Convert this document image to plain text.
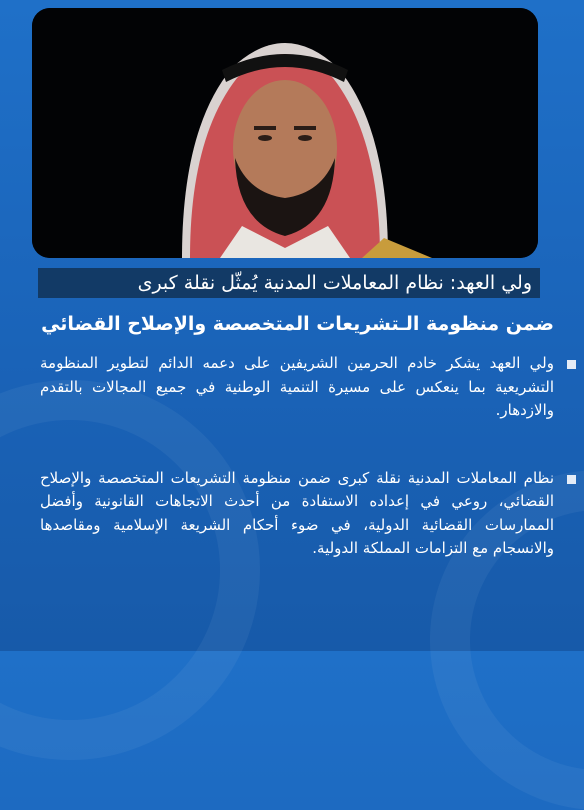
ولي العهد: نظام المعاملات المدنية يُمثّل نقلة كبرى
ضمن منظومة الـتشريعات المتخصصة والإصلاح القضائي
ولي العهد يشكر خادم الحرمين الشريفين على دعمه الدائم لتطوير المنظومة التشريعية بما ينعكس على مسيرة التنمية الوطنية في جميع المجالات بالتقدم والازدهار.
نظام المعاملات المدنية نقلة كبرى ضمن منظومة التشريعات المتخصصة والإصلاح القضائي، روعي في إعداده الاستفادة من أحدث الاتجاهات القانونية وأفضل الممارسات القضائية الدولية، في ضوء أحكام الشريعة الإسلامية ومقاصدها والانسجام مع التزامات المملكة الدولية.
